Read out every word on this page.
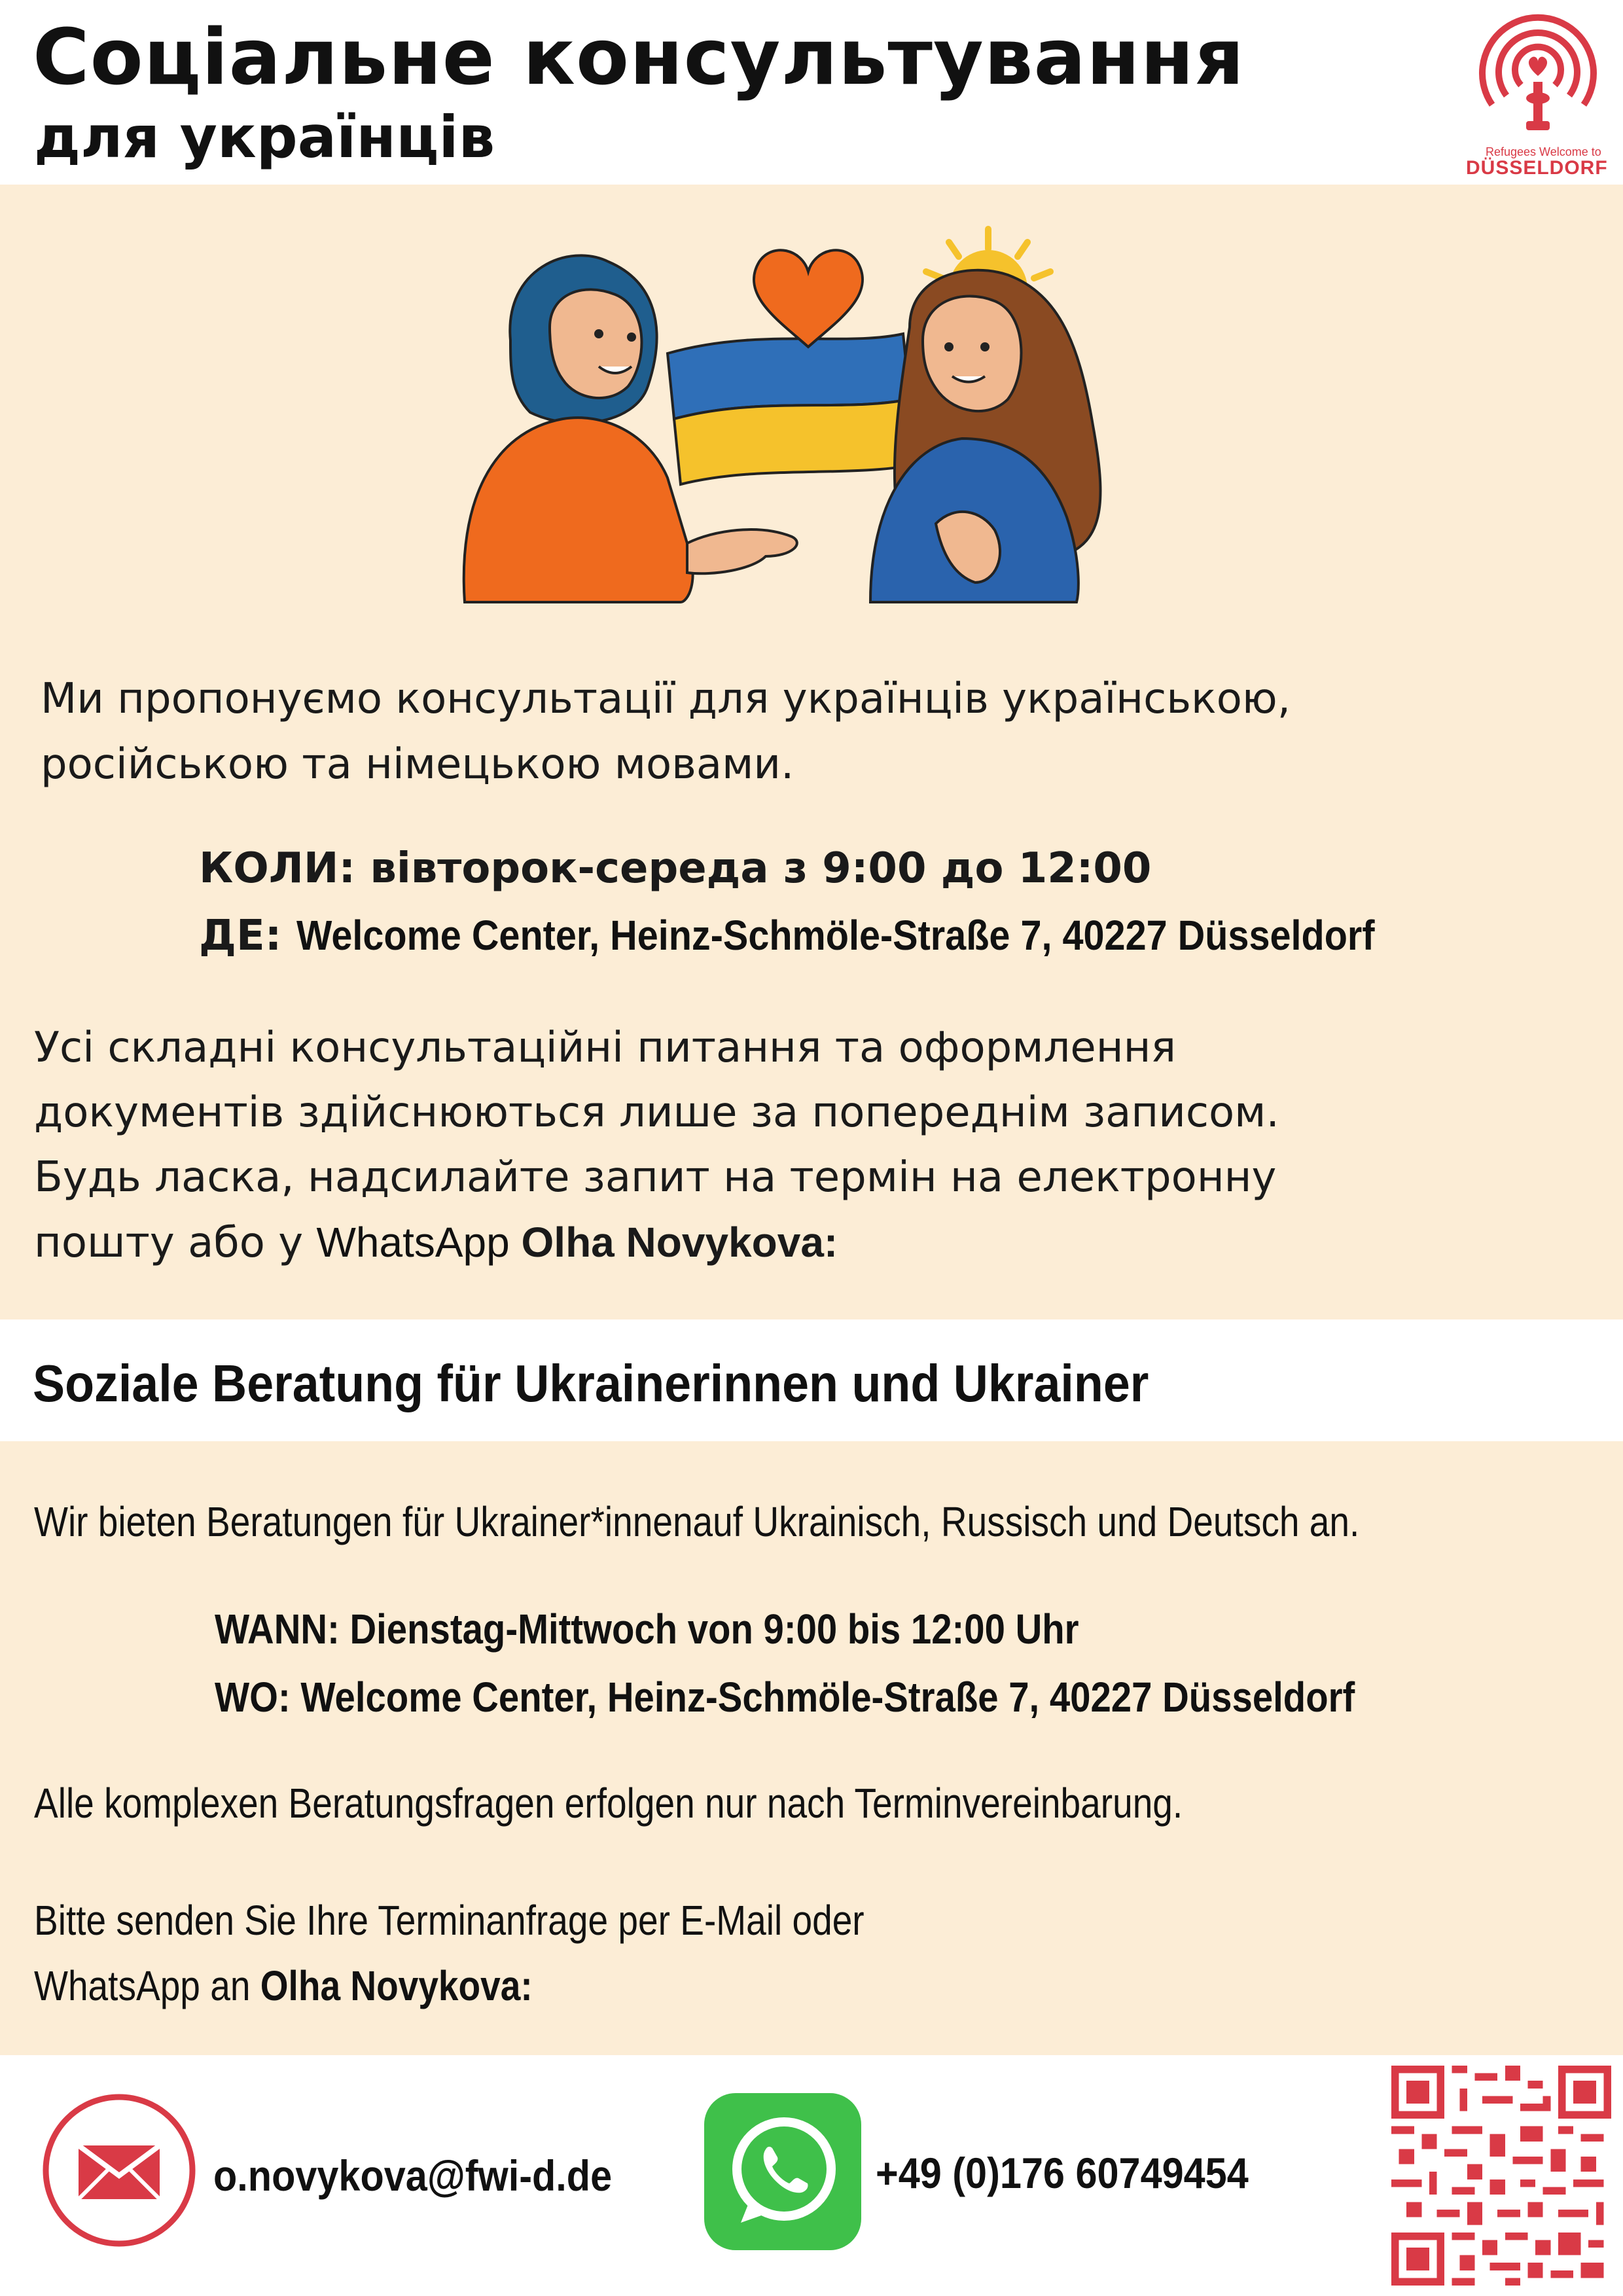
Соціальне консультування
для українців	Refugees Welcome to
DÜSSELDORF
Ми пропонуємо консультації для українців українською,
російською та німецькою мовами.
КОЛИ: вівторок-середа з 9:00 до 12:00
ДЕ: Welcome Center, Heinz-Schmöle-Straße 7, 40227 Düsseldorf
Усі складні консультаційні питання та оформлення
документів здійснюються лише за попереднім записом.
Будь ласка, надсилайте запит на термін на електронну
пошту або у WhatsApp Olha Novykova:
Soziale Beratung für Ukrainerinnen und Ukrainer
Wir bieten Beratungen für Ukrainer*innenauf Ukrainisch, Russisch und Deutsch an.
WANN: Dienstag-Mittwoch von 9:00 bis 12:00 Uhr
WO: Welcome Center, Heinz-Schmöle-Straße 7, 40227 Düsseldorf
Alle komplexen Beratungsfragen erfolgen nur nach Terminvereinbarung.
Bitte senden Sie Ihre Terminanfrage per E-Mail oder
WhatsApp an Olha Novykova:
o.novykova@fwi-d.de	+49 (0)176 60749454
